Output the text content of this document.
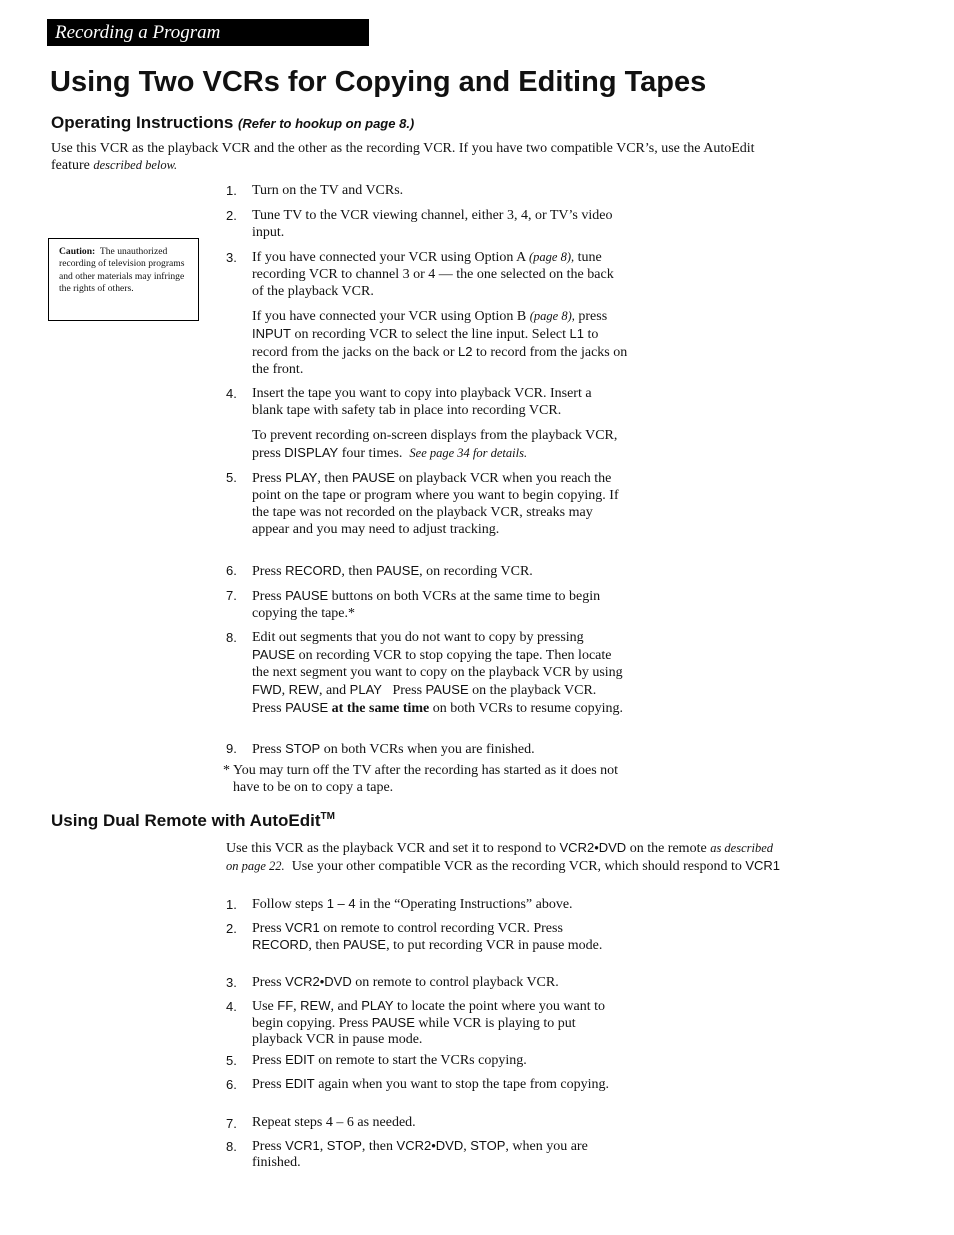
Recording a Program
Using Two VCRs for Copying and Editing Tapes
Operating Instructions (Refer to hookup on page 8.)
Use this VCR as the playback VCR and the other as the recording VCR. If you have two compatible VCR’s, use the AutoEdit feature described below.
Caution: The unauthorized recording of television programs and other materials may infringe the rights of others.
1.	Turn on the TV and VCRs.
2.	Tune TV to the VCR viewing channel, either 3, 4, or TV’s video input.
3.	If you have connected your VCR using Option A (page 8), tune recording VCR to channel 3 or 4 — the one selected on the back of the playback VCR.
If you have connected your VCR using Option B (page 8), press INPUT on recording VCR to select the line input. Select L1 to record from the jacks on the back or L2 to record from the jacks on the front.
4.	Insert the tape you want to copy into playback VCR. Insert a blank tape with safety tab in place into recording VCR.
To prevent recording on-screen displays from the playback VCR, press DISPLAY four times. See page 34 for details.
5.	Press PLAY, then PAUSE on playback VCR when you reach the point on the tape or program where you want to begin copying. If the tape was not recorded on the playback VCR, streaks may appear and you may need to adjust tracking.
6.	Press RECORD, then PAUSE, on recording VCR.
7.	Press PAUSE buttons on both VCRs at the same time to begin copying the tape.*
8.	Edit out segments that you do not want to copy by pressing PAUSE on recording VCR to stop copying the tape. Then locate the next segment you want to copy on the playback VCR by using FWD, REW, and PLAY Press PAUSE on the playback VCR. Press PAUSE at the same time on both VCRs to resume copying.
9.	Press STOP on both VCRs when you are finished.
* You may turn off the TV after the recording has started as it does not have to be on to copy a tape.
Using Dual Remote with AutoEdit™
Use this VCR as the playback VCR and set it to respond to VCR2•DVD on the remote as described on page 22. Use your other compatible VCR as the recording VCR, which should respond to VCR1
1.	Follow steps 1 – 4 in the “Operating Instructions” above.
2.	Press VCR1 on remote to control recording VCR. Press RECORD, then PAUSE, to put recording VCR in pause mode.
3.	Press VCR2•DVD on remote to control playback VCR.
4.	Use FF, REW, and PLAY to locate the point where you want to begin copying. Press PAUSE while VCR is playing to put playback VCR in pause mode.
5.	Press EDIT on remote to start the VCRs copying.
6.	Press EDIT again when you want to stop the tape from copying.
7.	Repeat steps 4 – 6 as needed.
8.	Press VCR1, STOP, then VCR2•DVD, STOP, when you are finished.
